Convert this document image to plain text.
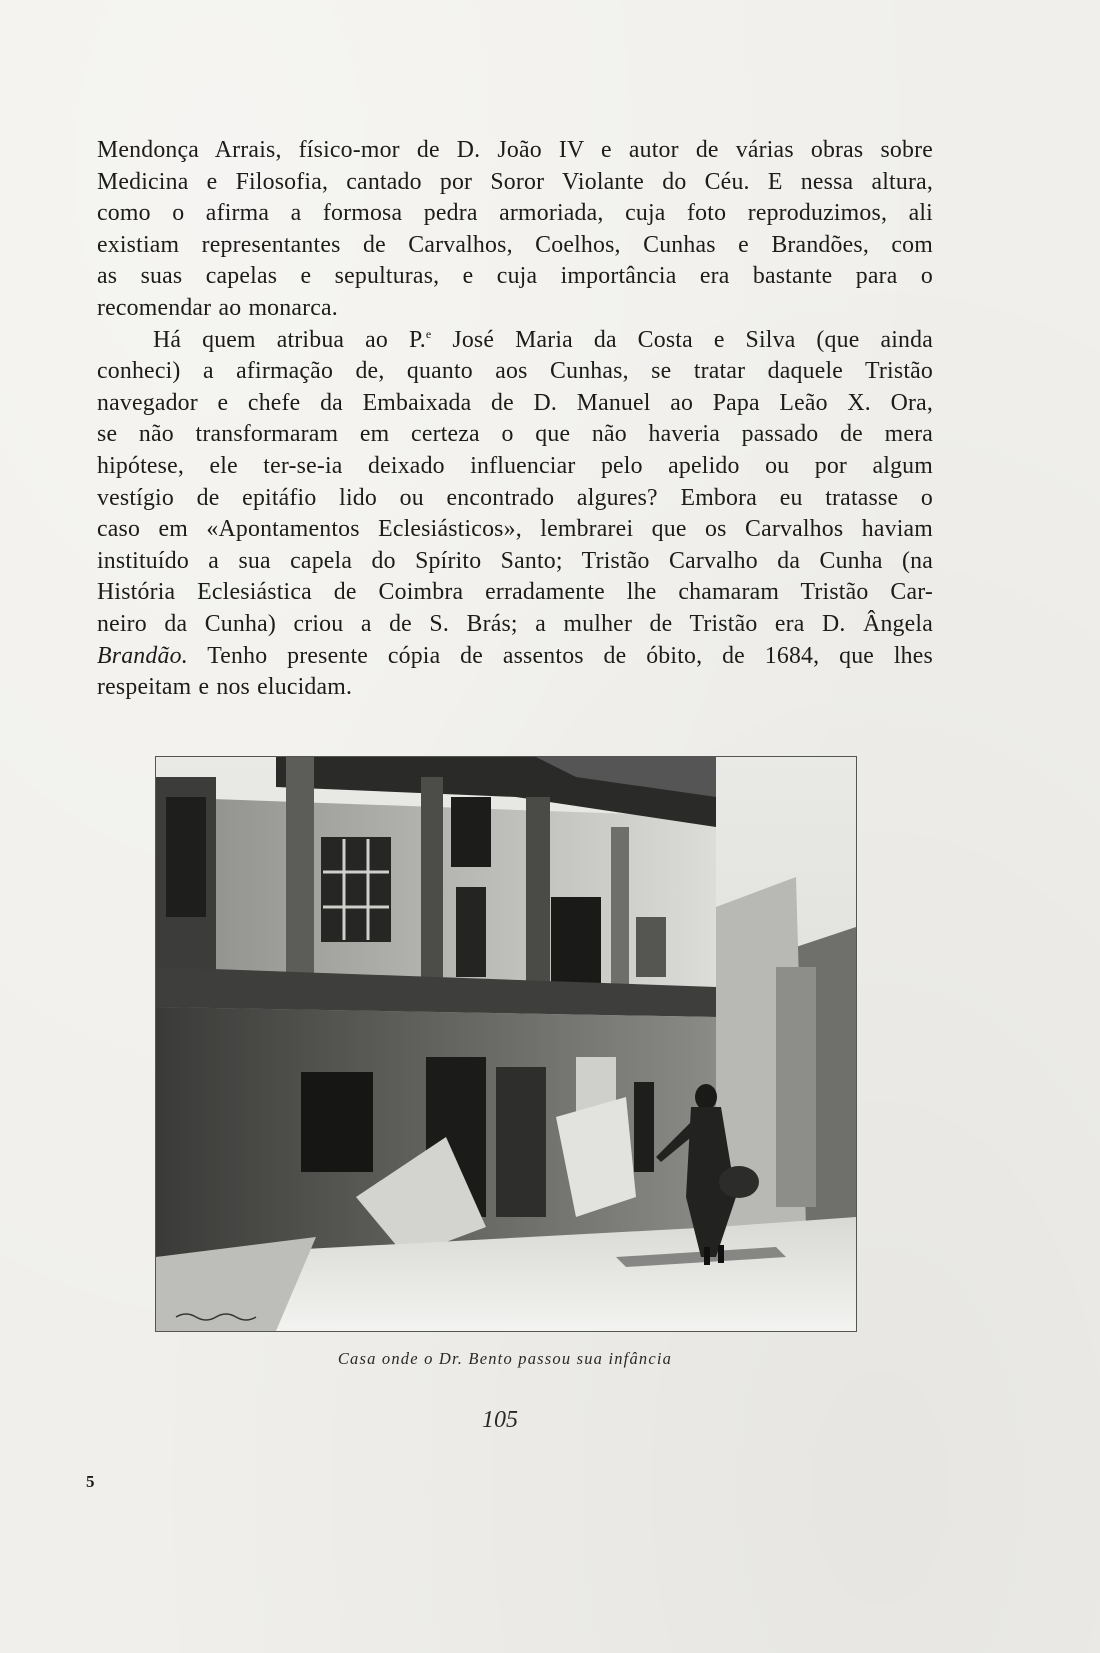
Mendonça Arrais, físico-mor de D. João IV e autor de várias obras sobre
Medicina e Filosofia, cantado por Soror Violante do Céu. E nessa altura,
como o afirma a formosa pedra armoriada, cuja foto reproduzimos, ali
existiam representantes de Carvalhos, Coelhos, Cunhas e Brandões, com
as suas capelas e sepulturas, e cuja importância era bastante para o
recomendar ao monarca.

Há quem atribua ao P.$^e$ José Maria da Costa e Silva (que ainda
conheci) a afirmação de, quanto aos Cunhas, se tratar daquele Tristão
navegador e chefe da Embaixada de D. Manuel ao Papa Leão X. Ora,
se não transformaram em certeza o que não haveria passado de mera
hipótese, ele ter-se-ia deixado influenciar pelo apelido ou por algum
vestígio de epitáfio lido ou encontrado algures? Embora eu tratasse o
caso em «Apontamentos Eclesiásticos», lembrarei que os Carvalhos haviam
instituído a sua capela do Spírito Santo; Tristão Carvalho da Cunha (na
História Eclesiástica de Coimbra erradamente lhe chamaram Tristão Car-
neiro da Cunha) criou a de S. Brás; a mulher de Tristão era D. Ângela
Brandão. Tenho presente cópia de assentos de óbito, de 1684, que lhes
respeitam e nos elucidam.

Casa onde o Dr. Bento passou sua infância
105
5
